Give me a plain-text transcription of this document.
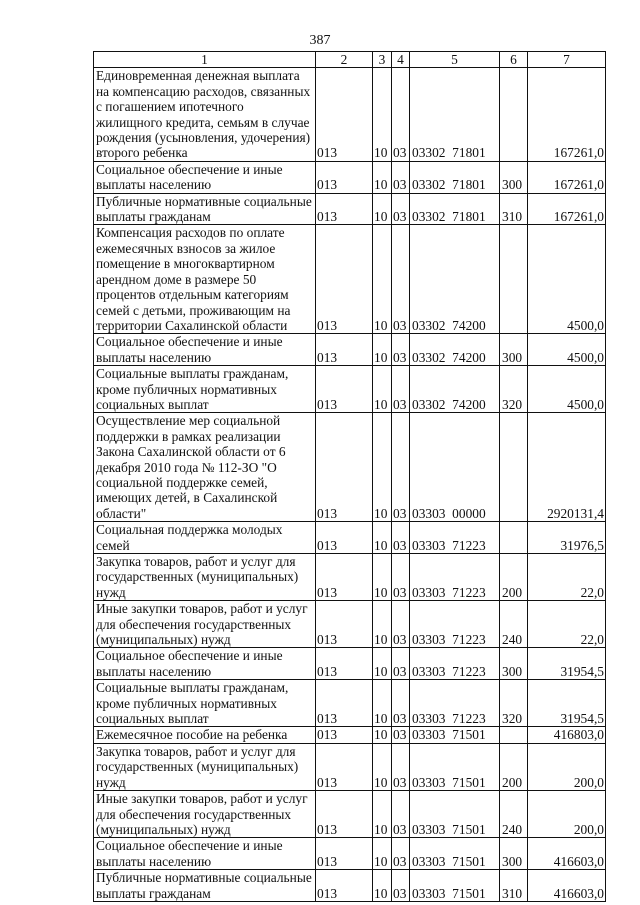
387
1	2	3	4	5	6	7
Единовременная денежная выплата на компенсацию расходов, связанных с погашением ипотечного жилищного кредита, семьям в случае рождения (усыновления, удочерения) второго ребенка	013	10	03	03302  71801		167261,0
Социальное обеспечение и иные выплаты населению	013	10	03	03302  71801	300	167261,0
Публичные нормативные социальные выплаты гражданам	013	10	03	03302  71801	310	167261,0
Компенсация расходов по оплате ежемесячных взносов за жилое помещение в многоквартирном арендном доме в размере 50 процентов отдельным категориям семей с детьми, проживающим на территории Сахалинской области	013	10	03	03302  74200		4500,0
Социальное обеспечение и иные выплаты населению	013	10	03	03302  74200	300	4500,0
Социальные выплаты гражданам, кроме публичных нормативных социальных выплат	013	10	03	03302  74200	320	4500,0
Осуществление мер социальной поддержки в рамках реализации Закона Сахалинской области от 6 декабря 2010 года № 112-ЗО "О социальной поддержке семей, имеющих детей, в Сахалинской области"	013	10	03	03303  00000		2920131,4
Социальная поддержка молодых семей	013	10	03	03303  71223		31976,5
Закупка товаров, работ и услуг для государственных (муниципальных) нужд	013	10	03	03303  71223	200	22,0
Иные закупки товаров, работ и услуг для обеспечения государственных (муниципальных) нужд	013	10	03	03303  71223	240	22,0
Социальное обеспечение и иные выплаты населению	013	10	03	03303  71223	300	31954,5
Социальные выплаты гражданам, кроме публичных нормативных социальных выплат	013	10	03	03303  71223	320	31954,5
Ежемесячное пособие на ребенка	013	10	03	03303  71501		416803,0
Закупка товаров, работ и услуг для государственных (муниципальных) нужд	013	10	03	03303  71501	200	200,0
Иные закупки товаров, работ и услуг для обеспечения государственных (муниципальных) нужд	013	10	03	03303  71501	240	200,0
Социальное обеспечение и иные выплаты населению	013	10	03	03303  71501	300	416603,0
Публичные нормативные социальные выплаты гражданам	013	10	03	03303  71501	310	416603,0
